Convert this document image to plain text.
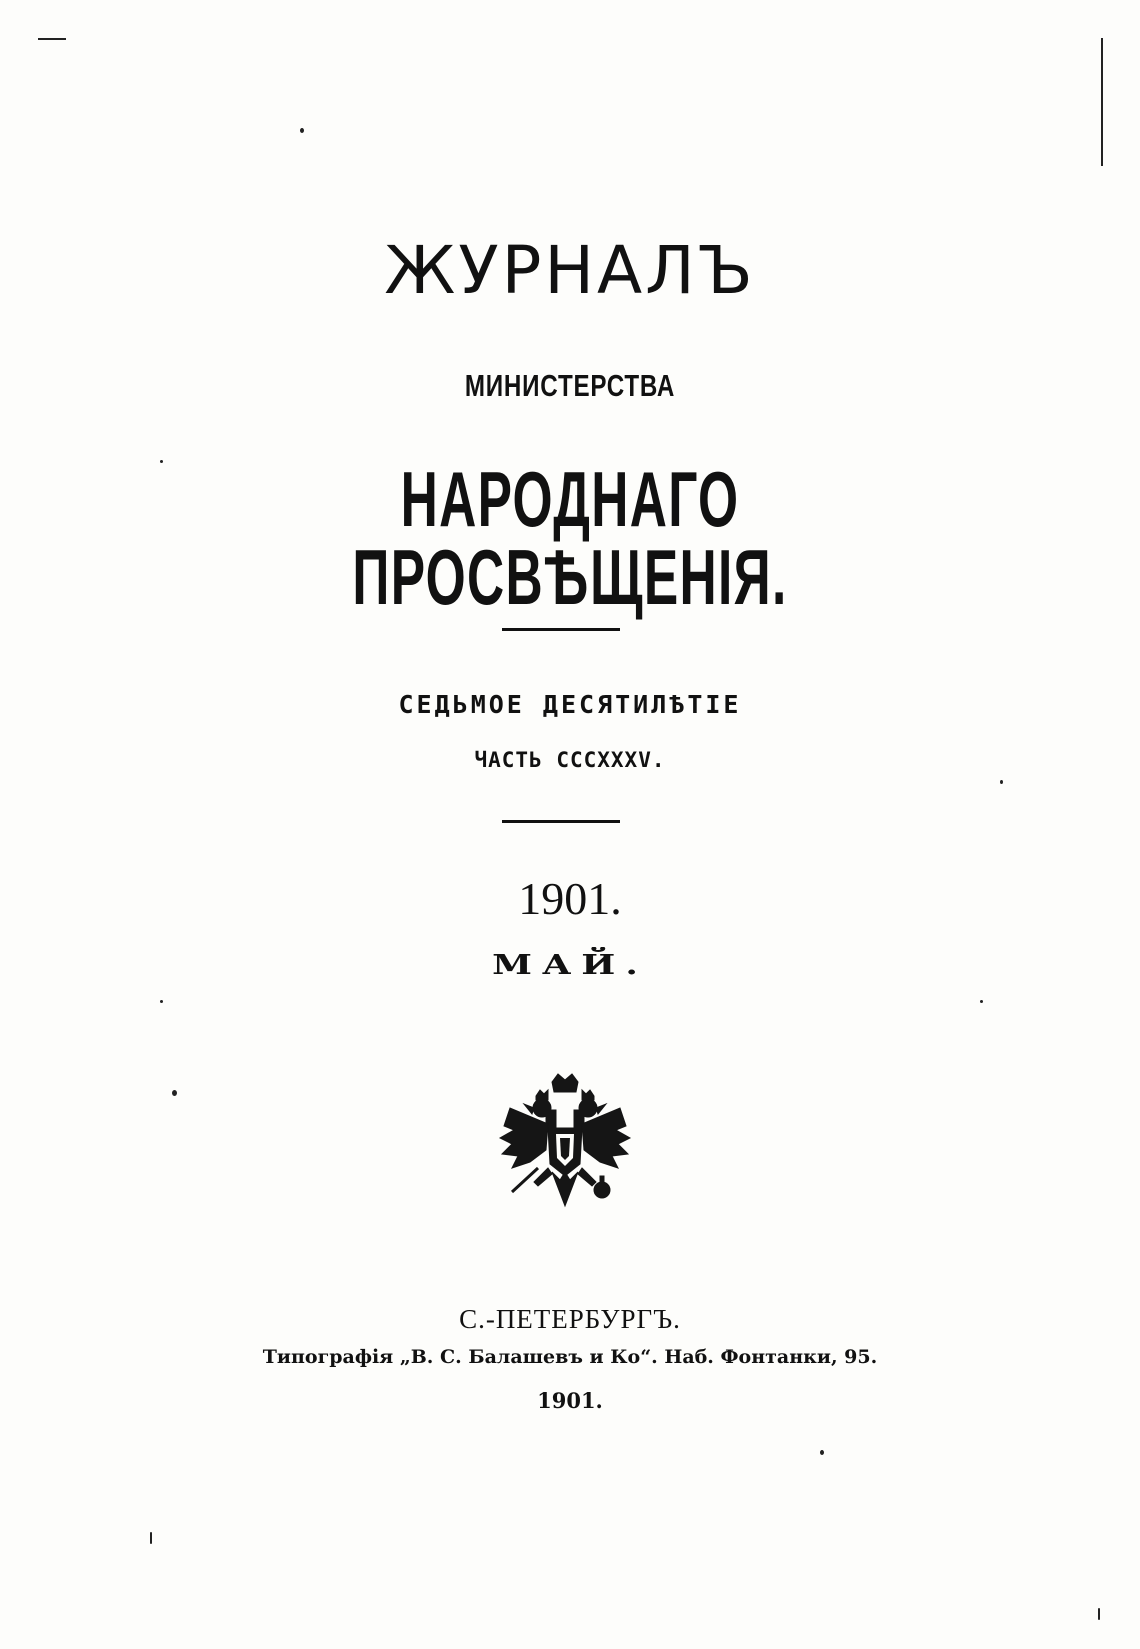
ЖУРНАЛЪ
МИНИСТЕРСТВА
НАРОДНАГО ПРОСВѢЩЕНІЯ.
СЕДЬМОЕ ДЕСЯТИЛѢТІЕ
ЧАСТЬ СССХХХV.
1901.
МАЙ.
С.-ПЕТЕРБУРГЪ.
Типографія „В. С. Балашевъ и Ко“. Наб. Фонтанки, 95.
1901.
